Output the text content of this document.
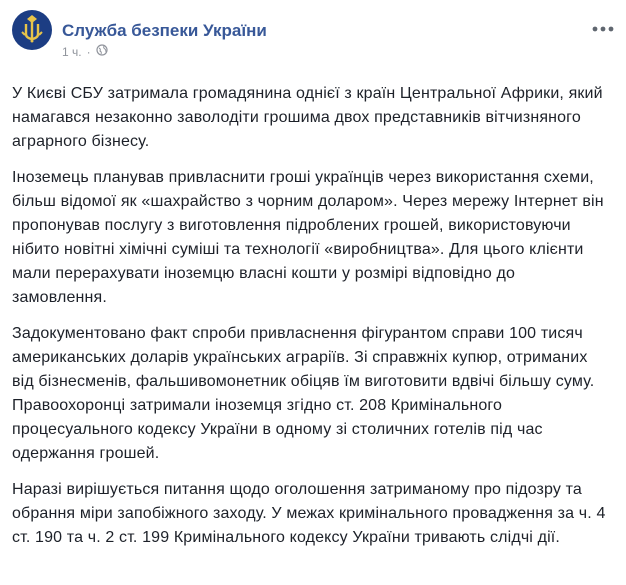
Служба безпеки України
1 ч. ·

У Києві СБУ затримала громадянина однієї з країн Центральної Африки, який намагався незаконно заволодіти грошима двох представників вітчизняного аграрного бізнесу.

Іноземець планував привласнити гроші українців через використання схеми, більш відомої як «шахрайство з чорним доларом». Через мережу Інтернет він пропонував послугу з виготовлення підроблених грошей, використовуючи нібито новітні хімічні суміші та технології «виробництва». Для цього клієнти мали перерахувати іноземцю власні кошти у розмірі відповідно до замовлення.

Задокументовано факт спроби привласнення фігурантом справи 100 тисяч американських доларів українських аграріїв. Зі справжніх купюр, отриманих від бізнесменів, фальшивомонетник обіцяв їм виготовити вдвічі більшу суму.

Правоохоронці затримали іноземця згідно ст. 208 Кримінального процесуального кодексу України в одному зі столичних готелів під час одержання грошей.

Наразі вирішується питання щодо оголошення затриманому про підозру та обрання міри запобіжного заходу. У межах кримінального провадження за ч. 4 ст. 190 та ч. 2 ст. 199 Кримінального кодексу України тривають слідчі дії.
